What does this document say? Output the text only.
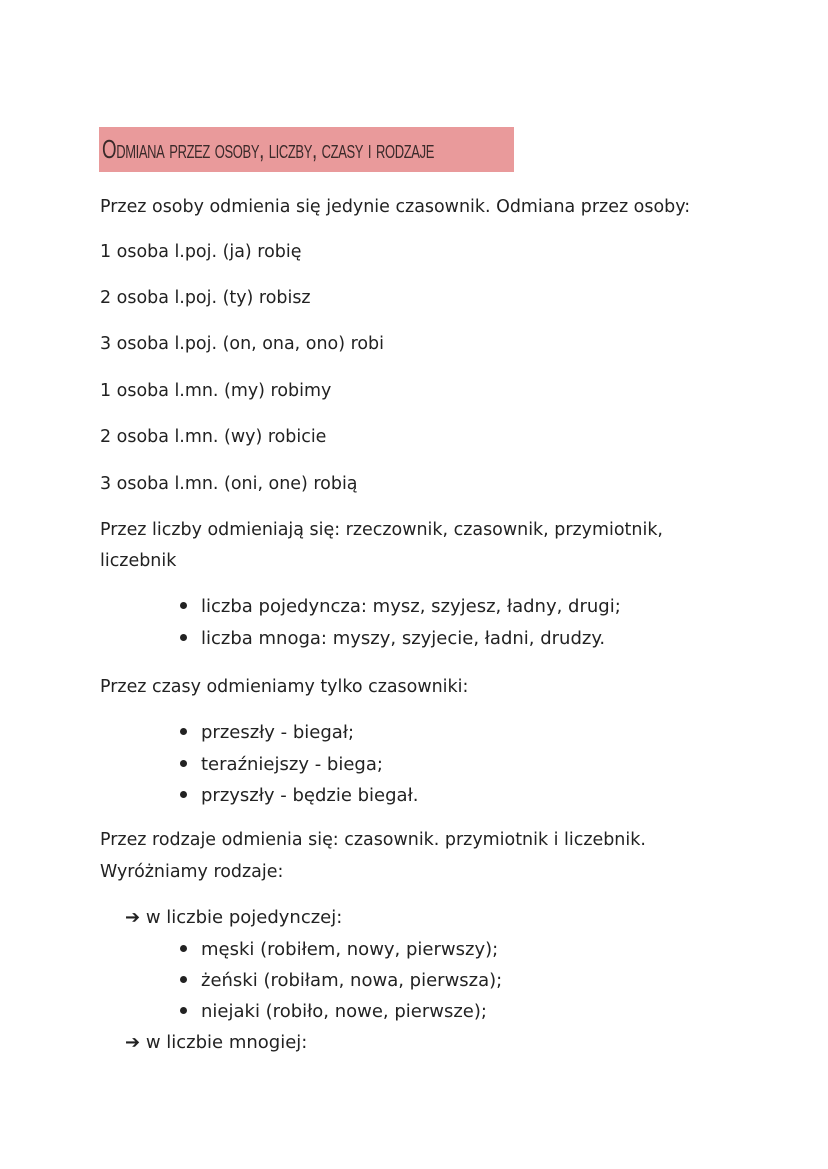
Odmiana przez osoby, liczby, czasy i rodzaje
Przez osoby odmienia się jedynie czasownik. Odmiana przez osoby:
1 osoba l.poj. (ja) robię
2 osoba l.poj. (ty) robisz
3 osoba l.poj. (on, ona, ono) robi
1 osoba l.mn. (my) robimy
2 osoba l.mn. (wy) robicie
3 osoba l.mn. (oni, one) robią
Przez liczby odmieniają się: rzeczownik, czasownik, przymiotnik,
liczebnik
liczba pojedyncza: mysz, szyjesz, ładny, drugi;
liczba mnoga: myszy, szyjecie, ładni, drudzy.
Przez czasy odmieniamy tylko czasowniki:
przeszły - biegał;
teraźniejszy - biega;
przyszły - będzie biegał.
Przez rodzaje odmienia się: czasownik. przymiotnik i liczebnik.
Wyróżniamy rodzaje:
➔ w liczbie pojedynczej:
męski (robiłem, nowy, pierwszy);
żeński (robiłam, nowa, pierwsza);
niejaki (robiło, nowe, pierwsze);
➔ w liczbie mnogiej:
